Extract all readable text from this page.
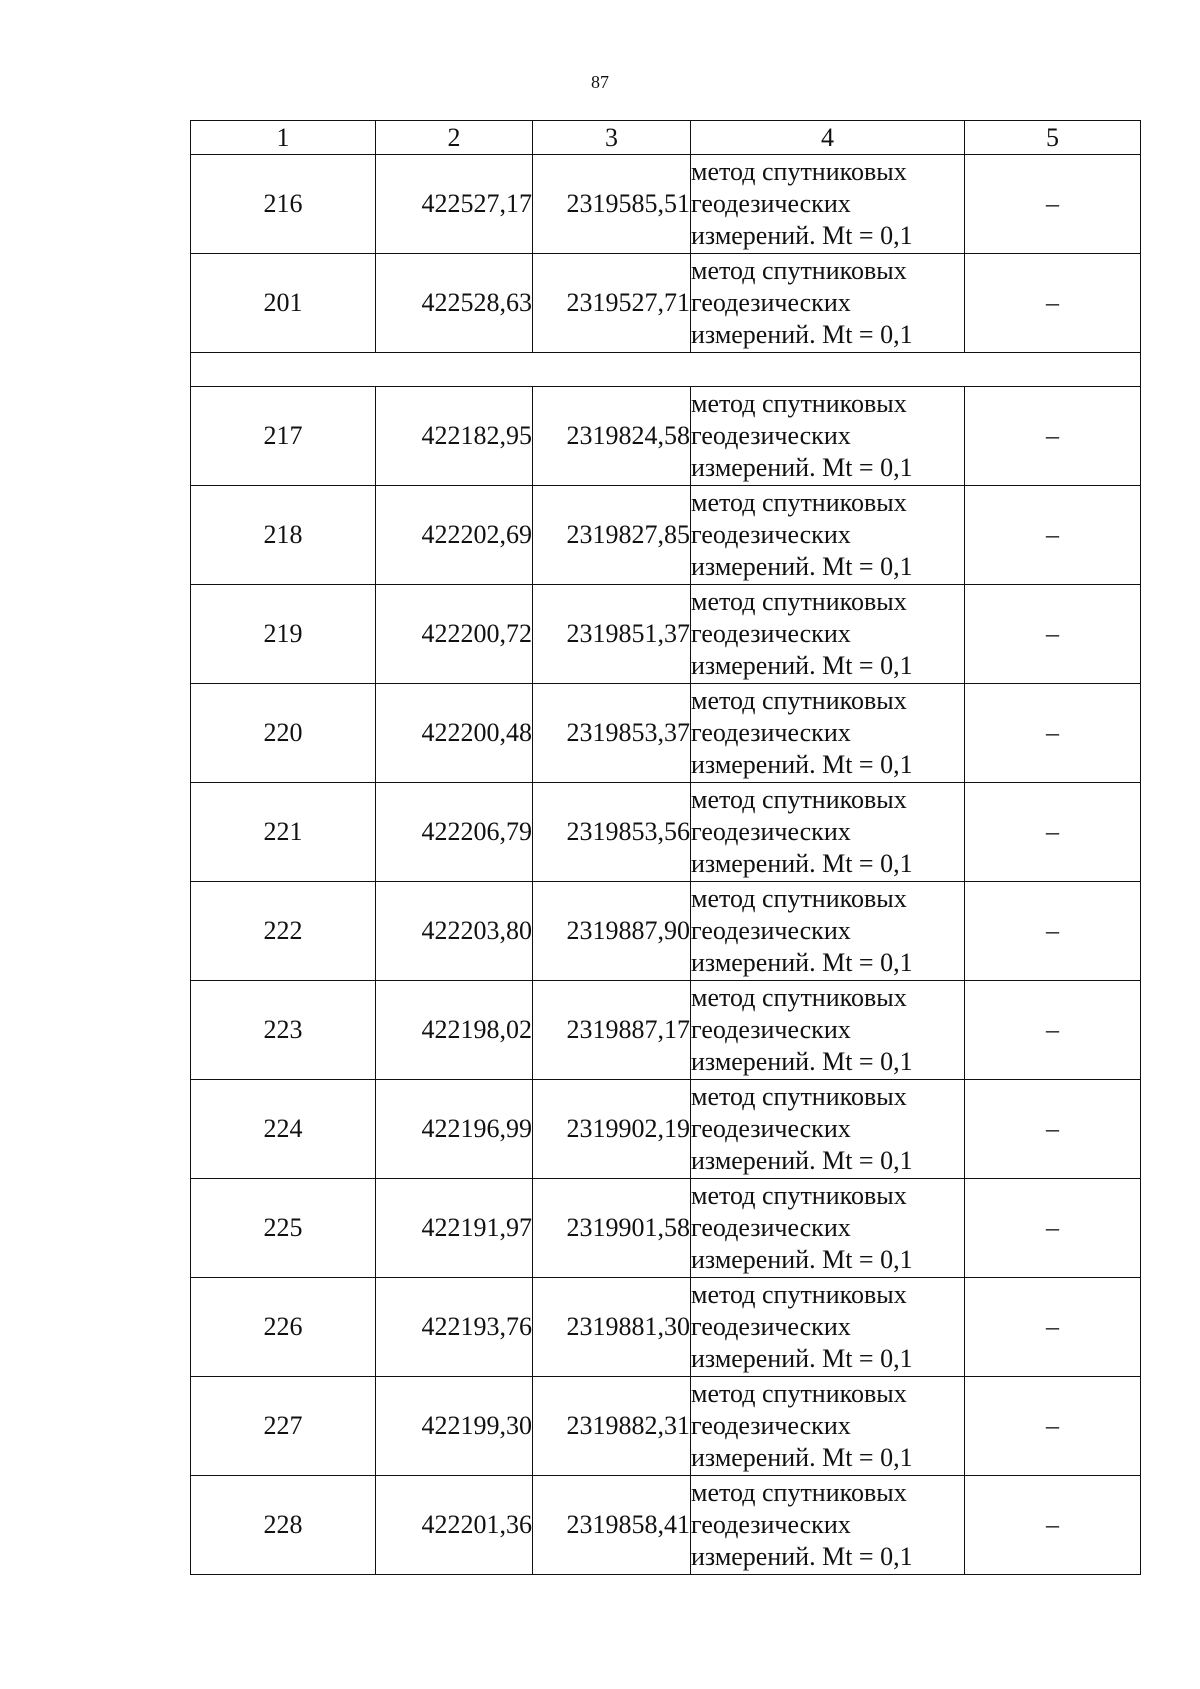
87
1	2	3	4	5
216	422527,17	2319585,51	метод спутниковых
геодезических
измерений. Mt = 0,1	–
201	422528,63	2319527,71	метод спутниковых
геодезических
измерений. Mt = 0,1	–

217	422182,95	2319824,58	метод спутниковых
геодезических
измерений. Mt = 0,1	–
218	422202,69	2319827,85	метод спутниковых
геодезических
измерений. Mt = 0,1	–
219	422200,72	2319851,37	метод спутниковых
геодезических
измерений. Mt = 0,1	–
220	422200,48	2319853,37	метод спутниковых
геодезических
измерений. Mt = 0,1	–
221	422206,79	2319853,56	метод спутниковых
геодезических
измерений. Mt = 0,1	–
222	422203,80	2319887,90	метод спутниковых
геодезических
измерений. Mt = 0,1	–
223	422198,02	2319887,17	метод спутниковых
геодезических
измерений. Mt = 0,1	–
224	422196,99	2319902,19	метод спутниковых
геодезических
измерений. Mt = 0,1	–
225	422191,97	2319901,58	метод спутниковых
геодезических
измерений. Mt = 0,1	–
226	422193,76	2319881,30	метод спутниковых
геодезических
измерений. Mt = 0,1	–
227	422199,30	2319882,31	метод спутниковых
геодезических
измерений. Mt = 0,1	–
228	422201,36	2319858,41	метод спутниковых
геодезических
измерений. Mt = 0,1	–
